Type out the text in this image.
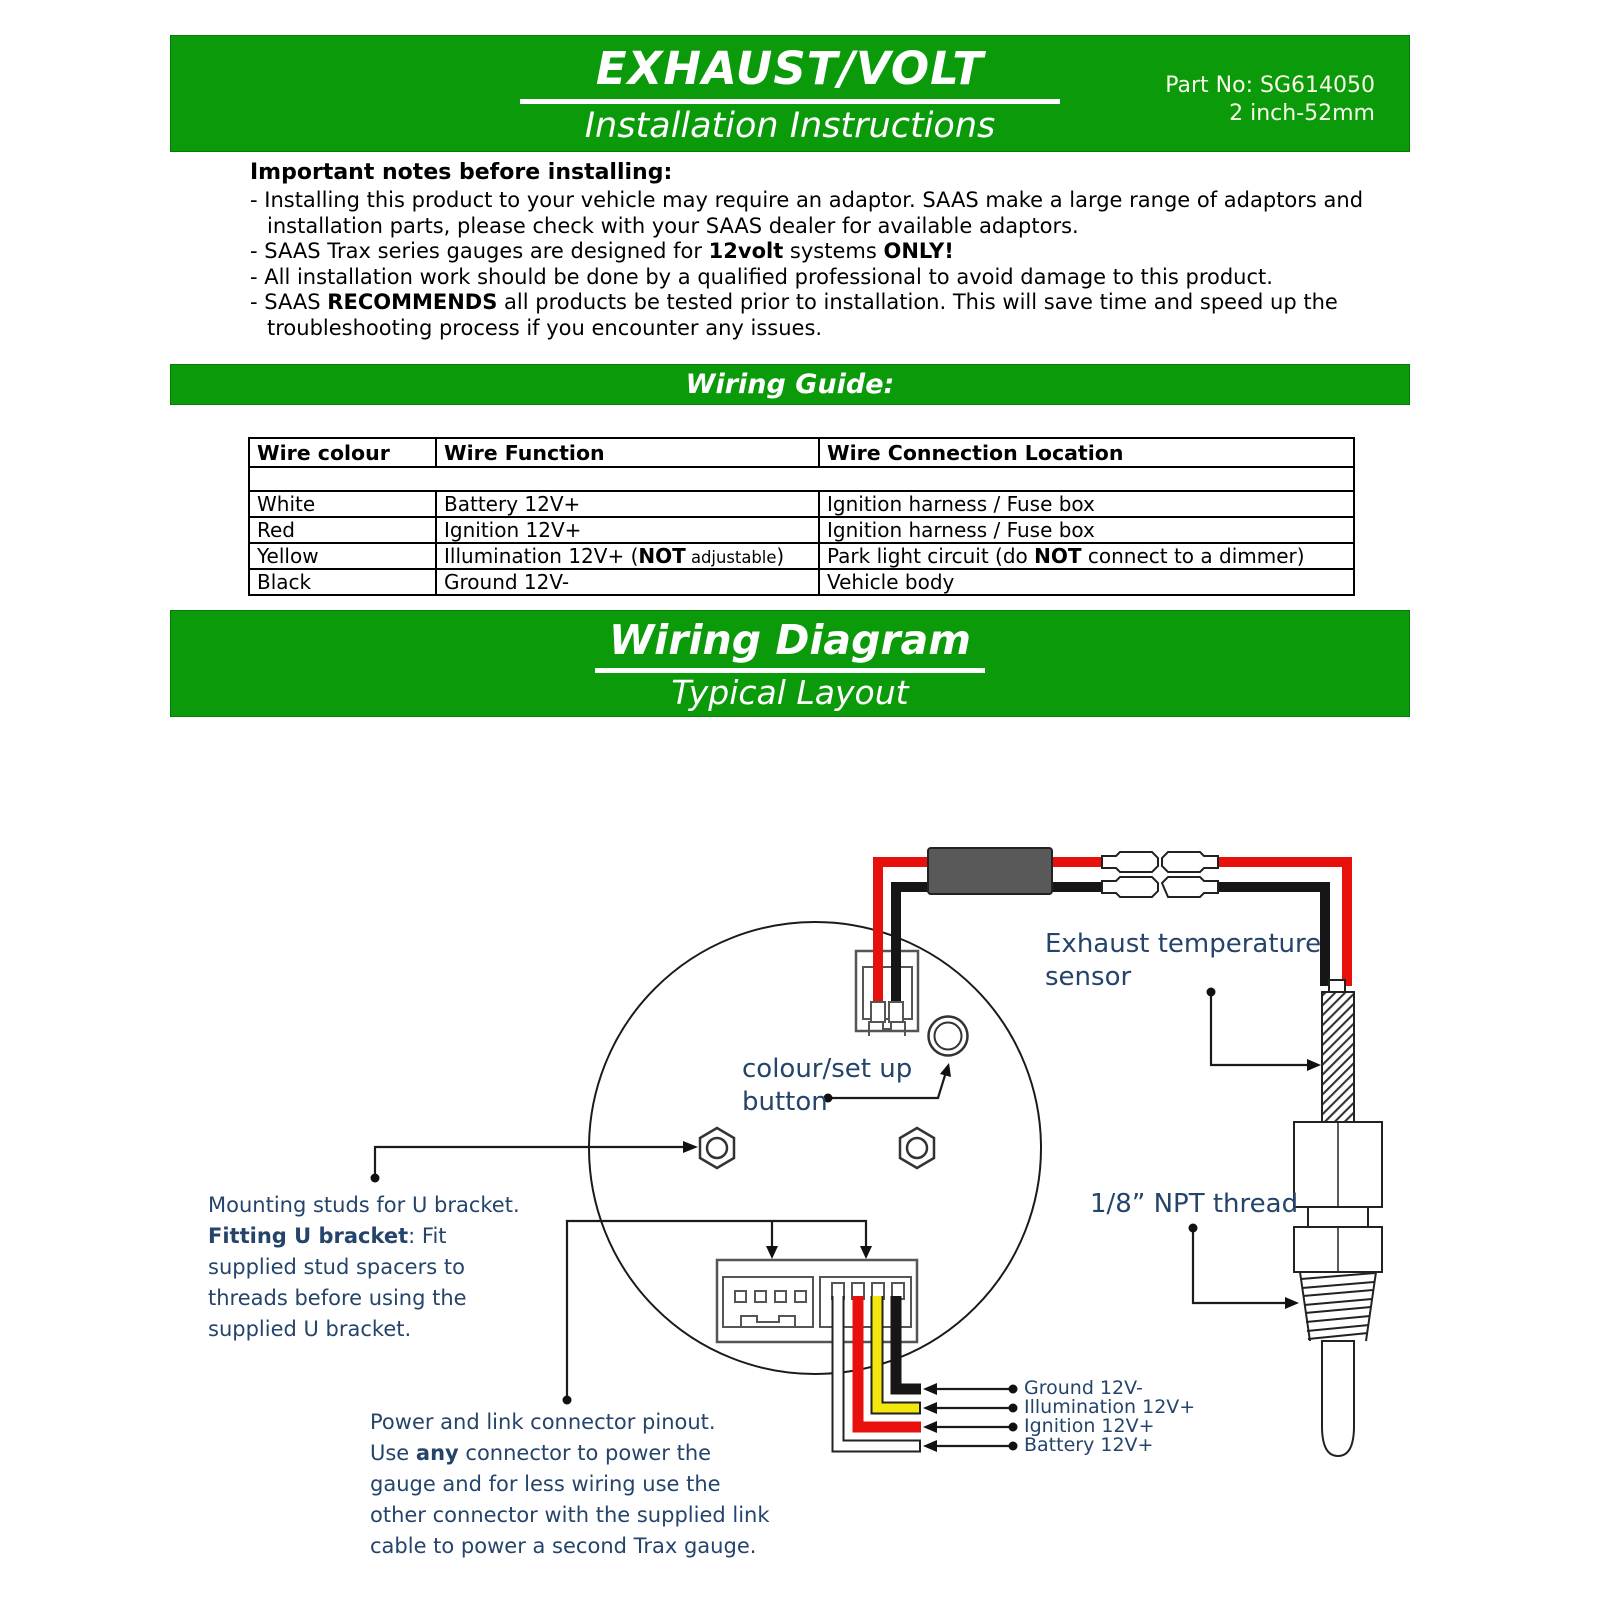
EXHAUST/VOLT
Installation Instructions
Part No: SG614050
2 inch-52mm
Important notes before installing:
- Installing this product to your vehicle may require an adaptor. SAAS make a large range of adaptors and installation parts, please check with your SAAS dealer for available adaptors.
- SAAS Trax series gauges are designed for 12volt systems ONLY!
- All installation work should be done by a qualified professional to avoid damage to this product.
- SAAS RECOMMENDS all products be tested prior to installation. This will save time and speed up the troubleshooting process if you encounter any issues.
Wiring Guide:
Wire colour	Wire Function	Wire Connection Location

White	Battery 12V+	Ignition harness / Fuse box
Red	Ignition 12V+	Ignition harness / Fuse box
Yellow	Illumination 12V+ (NOT adjustable)	Park light circuit (do NOT connect to a dimmer)
Black	Ground 12V-	Vehicle body
Wiring Diagram
Typical Layout
Exhaust temperature
sensor
colour/set up
button
1/8” NPT thread
Mounting studs for U bracket.
Fitting U bracket: Fit
supplied stud spacers to
threads before using the
supplied U bracket.
Power and link connector pinout.
Use any connector to power the
gauge and for less wiring use the
other connector with the supplied link
cable to power a second Trax gauge.
Ground 12V-
Illumination 12V+
Ignition 12V+
Battery 12V+
